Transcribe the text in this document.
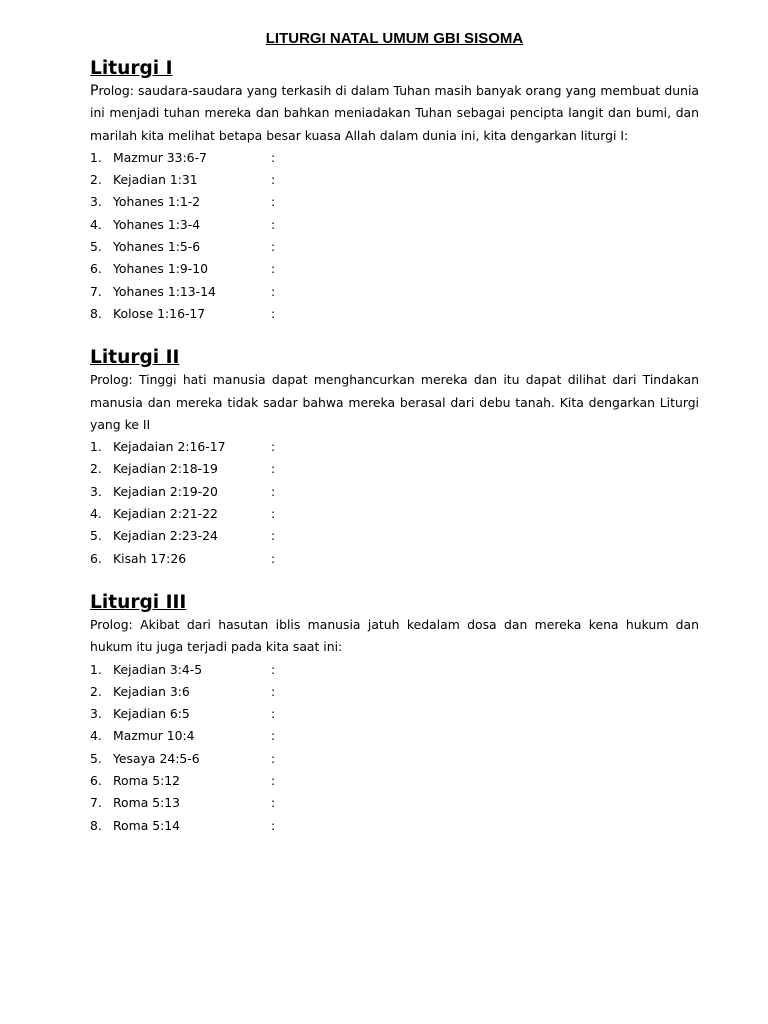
LITURGI NATAL UMUM GBI SISOMA
Liturgi I

Prolog: saudara-saudara yang terkasih di dalam Tuhan masih banyak orang yang membuat dunia ini menjadi tuhan mereka dan bahkan meniadakan Tuhan sebagai pencipta langit dan bumi, dan marilah kita melihat betapa besar kuasa Allah dalam dunia ini, kita dengarkan liturgi I:

1. Mazmur 33:6-7	:
2. Kejadian 1:31	:
3. Yohanes 1:1-2	:
4. Yohanes 1:3-4	:
5. Yohanes 1:5-6	:
6. Yohanes 1:9-10	:
7. Yohanes 1:13-14	:
8. Kolose 1:16-17	:
Liturgi II

Prolog: Tinggi hati manusia dapat menghancurkan mereka dan itu dapat dilihat dari Tindakan manusia dan mereka tidak sadar bahwa mereka berasal dari debu tanah. Kita dengarkan Liturgi yang ke II

1. Kejadaian 2:16-17	:
2. Kejadian 2:18-19	:
3. Kejadian 2:19-20	:
4. Kejadian 2:21-22	:
5. Kejadian 2:23-24	:
6. Kisah 17:26	:
Liturgi III

Prolog: Akibat dari hasutan iblis manusia jatuh kedalam dosa dan mereka kena hukum dan hukum itu juga terjadi pada kita saat ini:

1. Kejadian 3:4-5	:
2. Kejadian 3:6	:
3. Kejadian 6:5	:
4. Mazmur 10:4	:
5. Yesaya 24:5-6	:
6. Roma 5:12	:
7. Roma 5:13	:
8. Roma 5:14	:
